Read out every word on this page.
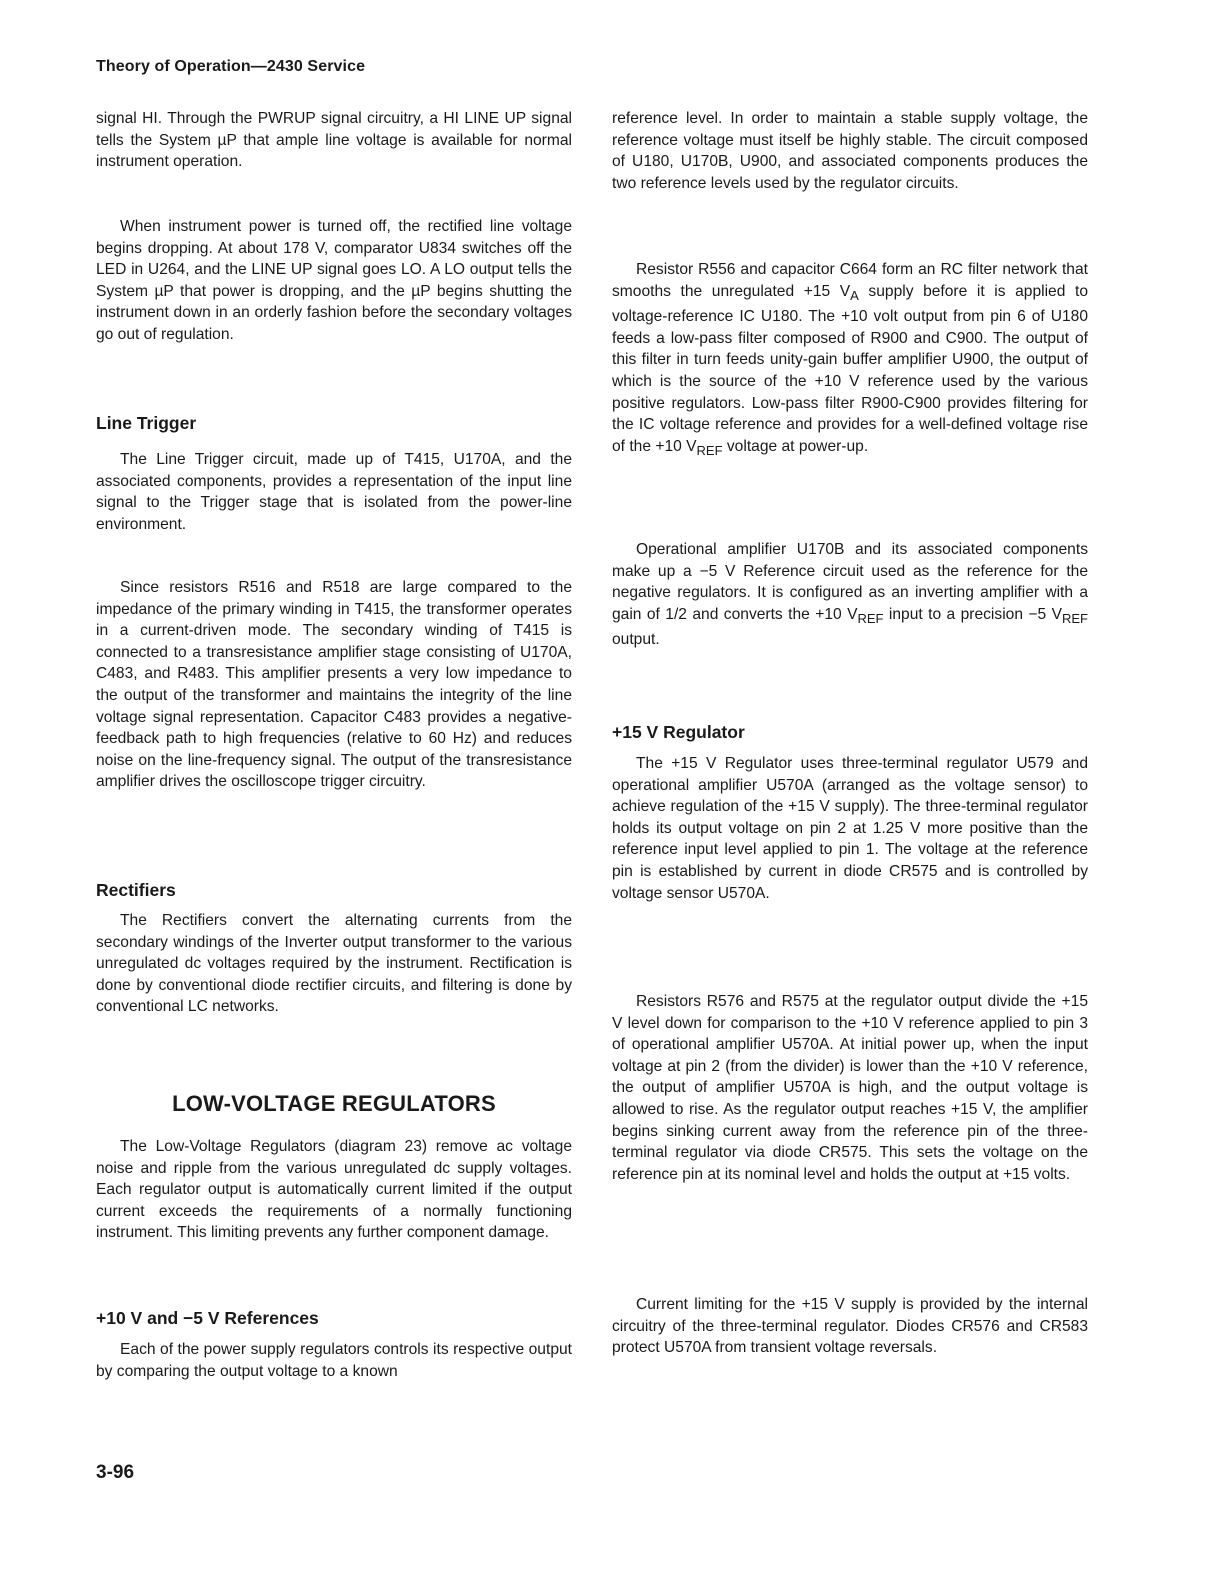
Theory of Operation—2430 Service

signal HI. Through the PWRUP signal circuitry, a HI LINE UP signal tells the System µP that ample line voltage is available for normal instrument operation.

When instrument power is turned off, the rectified line voltage begins dropping. At about 178 V, comparator U834 switches off the LED in U264, and the LINE UP signal goes LO. A LO output tells the System µP that power is dropping, and the µP begins shutting the instrument down in an orderly fashion before the secondary voltages go out of regulation.

Line Trigger

The Line Trigger circuit, made up of T415, U170A, and the associated components, provides a representation of the input line signal to the Trigger stage that is isolated from the power-line environment.

Since resistors R516 and R518 are large compared to the impedance of the primary winding in T415, the transformer operates in a current-driven mode. The secondary winding of T415 is connected to a transresistance amplifier stage consisting of U170A, C483, and R483. This amplifier presents a very low impedance to the output of the transformer and maintains the integrity of the line voltage signal representation. Capacitor C483 provides a negative-feedback path to high frequencies (relative to 60 Hz) and reduces noise on the line-frequency signal. The output of the transresistance amplifier drives the oscilloscope trigger circuitry.

Rectifiers

The Rectifiers convert the alternating currents from the secondary windings of the Inverter output transformer to the various unregulated dc voltages required by the instrument. Rectification is done by conventional diode rectifier circuits, and filtering is done by conventional LC networks.

LOW-VOLTAGE REGULATORS

The Low-Voltage Regulators (diagram 23) remove ac voltage noise and ripple from the various unregulated dc supply voltages. Each regulator output is automatically current limited if the output current exceeds the requirements of a normally functioning instrument. This limiting prevents any further component damage.

+10 V and −5 V References

Each of the power supply regulators controls its respective output by comparing the output voltage to a known

reference level. In order to maintain a stable supply voltage, the reference voltage must itself be highly stable. The circuit composed of U180, U170B, U900, and associated components produces the two reference levels used by the regulator circuits.

Resistor R556 and capacitor C664 form an RC filter network that smooths the unregulated +15 $V_A$ supply before it is applied to voltage-reference IC U180. The +10 volt output from pin 6 of U180 feeds a low-pass filter composed of R900 and C900. The output of this filter in turn feeds unity-gain buffer amplifier U900, the output of which is the source of the +10 V reference used by the various positive regulators. Low-pass filter R900-C900 provides filtering for the IC voltage reference and provides for a well-defined voltage rise of the +10 $V_{REF}$ voltage at power-up.

Operational amplifier U170B and its associated components make up a −5 V Reference circuit used as the reference for the negative regulators. It is configured as an inverting amplifier with a gain of 1/2 and converts the +10 $V_{REF}$ input to a precision −5 $V_{REF}$ output.

+15 V Regulator

The +15 V Regulator uses three-terminal regulator U579 and operational amplifier U570A (arranged as the voltage sensor) to achieve regulation of the +15 V supply). The three-terminal regulator holds its output voltage on pin 2 at 1.25 V more positive than the reference input level applied to pin 1. The voltage at the reference pin is established by current in diode CR575 and is controlled by voltage sensor U570A.

Resistors R576 and R575 at the regulator output divide the +15 V level down for comparison to the +10 V reference applied to pin 3 of operational amplifier U570A. At initial power up, when the input voltage at pin 2 (from the divider) is lower than the +10 V reference, the output of amplifier U570A is high, and the output voltage is allowed to rise. As the regulator output reaches +15 V, the amplifier begins sinking current away from the reference pin of the three-terminal regulator via diode CR575. This sets the voltage on the reference pin at its nominal level and holds the output at +15 volts.

Current limiting for the +15 V supply is provided by the internal circuitry of the three-terminal regulator. Diodes CR576 and CR583 protect U570A from transient voltage reversals.

3-96
